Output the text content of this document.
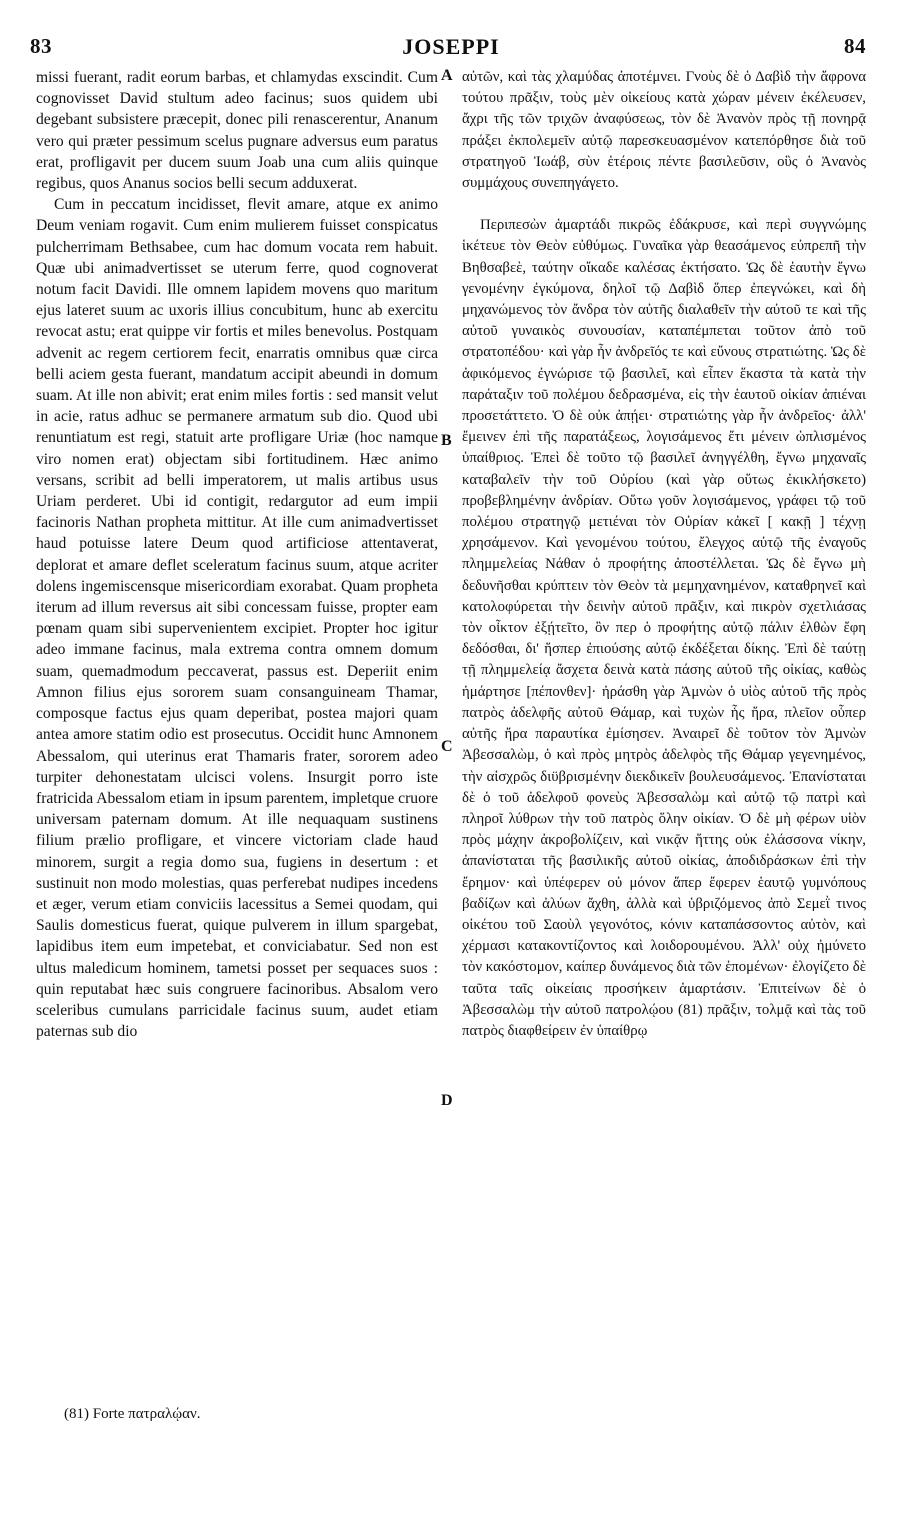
83	JOSEPPI	84

missi fuerant, radit eorum barbas, et chlamydas exscindit. Cum cognovisset David stultum adeo facinus; suos quidem ubi degebant subsistere præcepit, donec pili renascerentur, Ananum vero qui præter pessimum scelus pugnare adversus eum paratus erat, profligavit per ducem suum Joab una cum aliis quinque regibus, quos Ananus socios belli secum adduxerat.

Cum in peccatum incidisset, flevit amare, atque ex animo Deum veniam rogavit. Cum enim mulierem fuisset conspicatus pulcherrimam Bethsabee, cum hac domum vocata rem habuit. Quæ ubi animadvertisset se uterum ferre, quod cognoverat notum facit Davidi. Ille omnem lapidem movens quo maritum ejus lateret suum ac uxoris illius concubitum, hunc ab exercitu revocat astu; erat quippe vir fortis et miles benevolus. Postquam advenit ac regem certiorem fecit, enarratis omnibus quæ circa belli aciem gesta fuerant, mandatum accipit abeundi in domum suam. At ille non abivit; erat enim miles fortis : sed mansit velut in acie, ratus adhuc se permanere armatum sub dio. Quod ubi renuntiatum est regi, statuit arte profligare Uriæ (hoc namque viro nomen erat) objectam sibi fortitudinem. Hæc animo versans, scribit ad belli imperatorem, ut malis artibus usus Uriam perderet. Ubi id contigit, redargutor ad eum impii facinoris Nathan propheta mittitur. At ille cum animadvertisset haud potuisse latere Deum quod artificiose attentaverat, deplorat et amare deflet sceleratum facinus suum, atque acriter dolens ingemiscensque misericordiam exorabat. Quam propheta iterum ad illum reversus ait sibi concessam fuisse, propter eam pœnam quam sibi supervenientem excipiet. Propter hoc igitur adeo immane facinus, mala extrema contra omnem domum suam, quemadmodum peccaverat, passus est. Deperiit enim Amnon filius ejus sororem suam consanguineam Thamar, composque factus ejus quam deperibat, postea majori quam antea amore statim odio est prosecutus. Occidit hunc Amnonem Abessalom, qui uterinus erat Thamaris frater, sororem adeo turpiter dehonestatam ulcisci volens. Insurgit porro iste fratricida Abessalom etiam in ipsum parentem, impletque cruore universam paternam domum. At ille nequaquam sustinens filium prælio profligare, et vincere victoriam clade haud minorem, surgit a regia domo sua, fugiens in desertum : et sustinuit non modo molestias, quas perferebat nudipes incedens et æger, verum etiam conviciis lacessitus a Semei quodam, qui Saulis domesticus fuerat, quique pulverem in illum spargebat, lapidibus item eum impetebat, et conviciabatur. Sed non est ultus maledicum hominem, tametsi posset per sequaces suos : quin reputabat hæc suis congruere facinoribus. Absalom vero sceleribus cumulans parricidale facinus suum, audet etiam paternas sub dio

A
B
C
D

αὐτῶν, καὶ τὰς χλαμύδας ἀποτέμνει. Γνοὺς δὲ ὁ Δαβὶδ τὴν ἄφρονα τούτου πρᾶξιν, τοὺς μὲν οἰκείους κατὰ χώραν μένειν ἐκέλευσεν, ἄχρι τῆς τῶν τριχῶν ἀναφύσεως, τὸν δὲ Ἀνανὸν πρὸς τῇ πονηρᾷ πράξει ἐκπολεμεῖν αὐτῷ παρεσκευασμένον κατεπόρθησε διὰ τοῦ στρατηγοῦ Ἰωάβ, σὺν ἑτέροις πέντε βασιλεῦσιν, οὓς ὁ Ἀνανὸς συμμάχους συνεπηγάγετο.

Περιπεσὼν ἁμαρτάδι πικρῶς ἐδάκρυσε, καὶ περὶ συγγνώμης ἱκέτευε τὸν Θεὸν εὐθύμως. Γυναῖκα γὰρ θεασάμενος εὐπρεπῆ τὴν Βηθσαβεὲ, ταύτην οἴκαδε καλέσας ἐκτήσατο. Ὡς δὲ ἑαυτὴν ἔγνω γενομένην ἐγκύμονα, δηλοῖ τῷ Δαβὶδ ὅπερ ἐπεγνώκει, καὶ δὴ μηχανώμενος τὸν ἄνδρα τὸν αὐτῆς διαλαθεῖν τὴν αὐτοῦ τε καὶ τῆς αὐτοῦ γυναικὸς συνουσίαν, καταπέμπεται τοῦτον ἀπὸ τοῦ στρατοπέδου· καὶ γὰρ ἦν ἀνδρεῖός τε καὶ εὔνους στρατιώτης. Ὡς δὲ ἀφικόμενος ἐγνώρισε τῷ βασιλεῖ, καὶ εἶπεν ἕκαστα τὰ κατὰ τὴν παράταξιν τοῦ πολέμου δεδρασμένα, εἰς τὴν ἑαυτοῦ οἰκίαν ἀπιέναι προσετάττετο. Ὁ δὲ οὐκ ἀπῄει· στρατιώτης γὰρ ἦν ἀνδρεῖος· ἀλλ' ἔμεινεν ἐπὶ τῆς παρατάξεως, λογισάμενος ἔτι μένειν ὡπλισμένος ὑπαίθριος. Ἐπεὶ δὲ τοῦτο τῷ βασιλεῖ ἀνηγγέλθη, ἔγνω μηχαναῖς καταβαλεῖν τὴν τοῦ Οὐρίου (καὶ γὰρ οὕτως ἐκικλήσκετο) προβεβλημένην ἀνδρίαν. Οὕτω γοῦν λογισάμενος, γράφει τῷ τοῦ πολέμου στρατηγῷ μετιέναι τὸν Οὐρίαν κἀκεῖ [ κακῇ ] τέχνῃ χρησάμενον. Καὶ γενομένου τούτου, ἔλεγχος αὐτῷ τῆς ἐναγοῦς πλημμελείας Νάθαν ὁ προφήτης ἀποστέλλεται. Ὡς δὲ ἔγνω μὴ δεδυνῆσθαι κρύπτειν τὸν Θεὸν τὰ μεμηχανημένον, καταθρηνεῖ καὶ κατολοφύρεται τὴν δεινὴν αὐτοῦ πρᾶξιν, καὶ πικρὸν σχετλιάσας τὸν οἶκτον ἐξῄτεῖτο, ὃν περ ὁ προφήτης αὐτῷ πάλιν ἐλθὼν ἔφη δεδόσθαι, δι' ἥσπερ ἐπιούσης αὐτῷ ἐκδέξεται δίκης. Ἐπὶ δὲ ταύτῃ τῇ πλημμελείᾳ ἄσχετα δεινὰ κατὰ πάσης αὐτοῦ τῆς οἰκίας, καθὼς ἡμάρτησε [πέπονθεν]· ἠράσθη γὰρ Ἀμνὼν ὁ υἱὸς αὐτοῦ τῆς πρὸς πατρὸς ἀδελφῆς αὐτοῦ Θάμαρ, καὶ τυχὼν ἧς ἤρα, πλεῖον οὗπερ αὐτῆς ἤρα παραυτίκα ἐμίσησεν. Ἀναιρεῖ δὲ τοῦτον τὸν Ἀμνὼν Ἀβεσσαλὼμ, ὁ καὶ πρὸς μητρὸς ἀδελφὸς τῆς Θάμαρ γεγενημένος, τὴν αἰσχρῶς διϋβρισμένην διεκδικεῖν βουλευσάμενος. Ἐπανίσταται δὲ ὁ τοῦ ἀδελφοῦ φονεὺς Ἀβεσσαλὼμ καὶ αὐτῷ τῷ πατρὶ καὶ πληροῖ λύθρων τὴν τοῦ πατρὸς ὅλην οἰκίαν. Ὁ δὲ μὴ φέρων υἱὸν πρὸς μάχην ἀκροβολίζειν, καὶ νικᾷν ἥττης οὐκ ἐλάσσονα νίκην, ἀπανίσταται τῆς βασιλικῆς αὐτοῦ οἰκίας, ἀποδιδράσκων ἐπὶ τὴν ἔρημον· καὶ ὑπέφερεν οὐ μόνον ἅπερ ἔφερεν ἑαυτῷ γυμνόπους βαδίζων καὶ ἀλύων ἄχθη, ἀλλὰ καὶ ὑβριζόμενος ἀπὸ Σεμεῒ τινος οἰκέτου τοῦ Σαοὺλ γεγονότος, κόνιν καταπάσσοντος αὐτὸν, καὶ χέρμασι κατακοντίζοντος καὶ λοιδορουμένου. Ἀλλ' οὐχ ἠμύνετο τὸν κακόστομον, καίπερ δυνάμενος διὰ τῶν ἑπομένων· ἐλογίζετο δὲ ταῦτα ταῖς οἰκείαις προσήκειν ἁμαρτάσιν. Ἐπιτείνων δὲ ὁ Ἀβεσσαλὼμ τὴν αὐτοῦ πατρολῴου (81) πρᾶξιν, τολμᾷ καὶ τὰς τοῦ πατρὸς διαφθείρειν ἐν ὑπαίθρῳ

(81) Forte πατραλῴαν.
